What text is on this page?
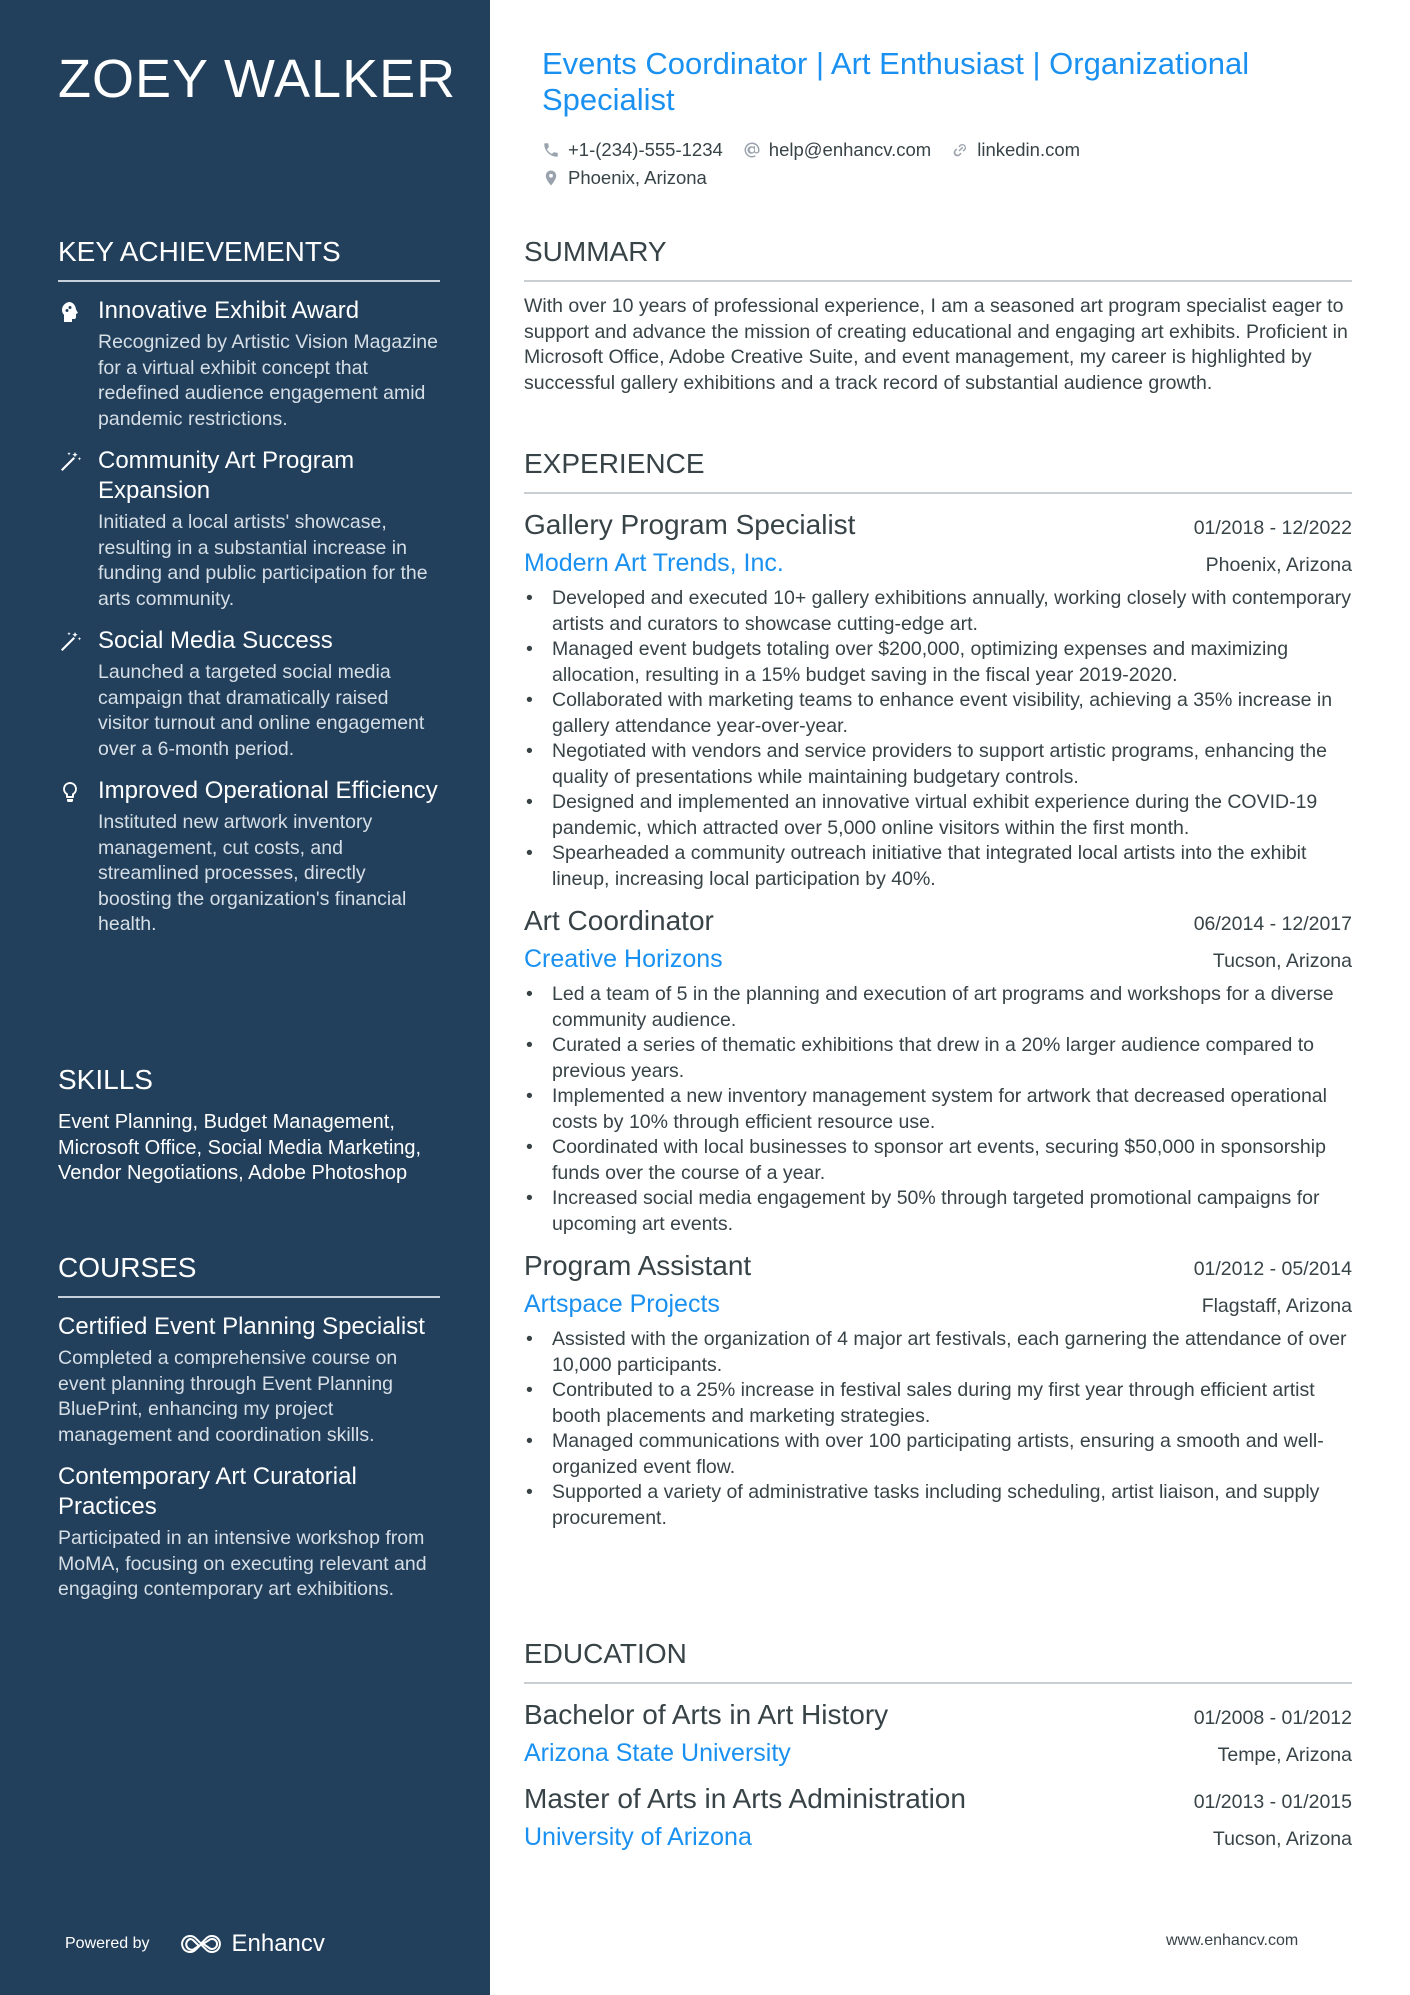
ZOEY WALKER
KEY ACHIEVEMENTS
Innovative Exhibit Award
Recognized by Artistic Vision Magazine for a virtual exhibit concept that redefined audience engagement amid pandemic restrictions.
Community Art Program Expansion
Initiated a local artists' showcase, resulting in a substantial increase in funding and public participation for the arts community.
Social Media Success
Launched a targeted social media campaign that dramatically raised visitor turnout and online engagement over a 6-month period.
Improved Operational Efficiency
Instituted new artwork inventory management, cut costs, and streamlined processes, directly boosting the organization's financial health.
SKILLS
Event Planning, Budget Management, Microsoft Office, Social Media Marketing, Vendor Negotiations, Adobe Photoshop
COURSES
Certified Event Planning Specialist
Completed a comprehensive course on event planning through Event Planning BluePrint, enhancing my project management and coordination skills.
Contemporary Art Curatorial Practices
Participated in an intensive workshop from MoMA, focusing on executing relevant and engaging contemporary art exhibitions.
Powered by	Enhancv
Events Coordinator | Art Enthusiast | Organizational Specialist
+1-(234)-555-1234 help@enhancv.com linkedin.com
Phoenix, Arizona
SUMMARY
With over 10 years of professional experience, I am a seasoned art program specialist eager to support and advance the mission of creating educational and engaging art exhibits. Proficient in Microsoft Office, Adobe Creative Suite, and event management, my career is highlighted by successful gallery exhibitions and a track record of substantial audience growth.
EXPERIENCE
Gallery Program Specialist	01/2018 - 12/2022
Modern Art Trends, Inc.	Phoenix, Arizona
• Developed and executed 10+ gallery exhibitions annually, working closely with contemporary artists and curators to showcase cutting-edge art.
• Managed event budgets totaling over $200,000, optimizing expenses and maximizing allocation, resulting in a 15% budget saving in the fiscal year 2019-2020.
• Collaborated with marketing teams to enhance event visibility, achieving a 35% increase in gallery attendance year-over-year.
• Negotiated with vendors and service providers to support artistic programs, enhancing the quality of presentations while maintaining budgetary controls.
• Designed and implemented an innovative virtual exhibit experience during the COVID-19 pandemic, which attracted over 5,000 online visitors within the first month.
• Spearheaded a community outreach initiative that integrated local artists into the exhibit lineup, increasing local participation by 40%.
Art Coordinator	06/2014 - 12/2017
Creative Horizons	Tucson, Arizona
• Led a team of 5 in the planning and execution of art programs and workshops for a diverse community audience.
• Curated a series of thematic exhibitions that drew in a 20% larger audience compared to previous years.
• Implemented a new inventory management system for artwork that decreased operational costs by 10% through efficient resource use.
• Coordinated with local businesses to sponsor art events, securing $50,000 in sponsorship funds over the course of a year.
• Increased social media engagement by 50% through targeted promotional campaigns for upcoming art events.
Program Assistant	01/2012 - 05/2014
Artspace Projects	Flagstaff, Arizona
• Assisted with the organization of 4 major art festivals, each garnering the attendance of over 10,000 participants.
• Contributed to a 25% increase in festival sales during my first year through efficient artist booth placements and marketing strategies.
• Managed communications with over 100 participating artists, ensuring a smooth and well-organized event flow.
• Supported a variety of administrative tasks including scheduling, artist liaison, and supply procurement.
EDUCATION
Bachelor of Arts in Art History	01/2008 - 01/2012
Arizona State University	Tempe, Arizona
Master of Arts in Arts Administration	01/2013 - 01/2015
University of Arizona	Tucson, Arizona
www.enhancv.com
